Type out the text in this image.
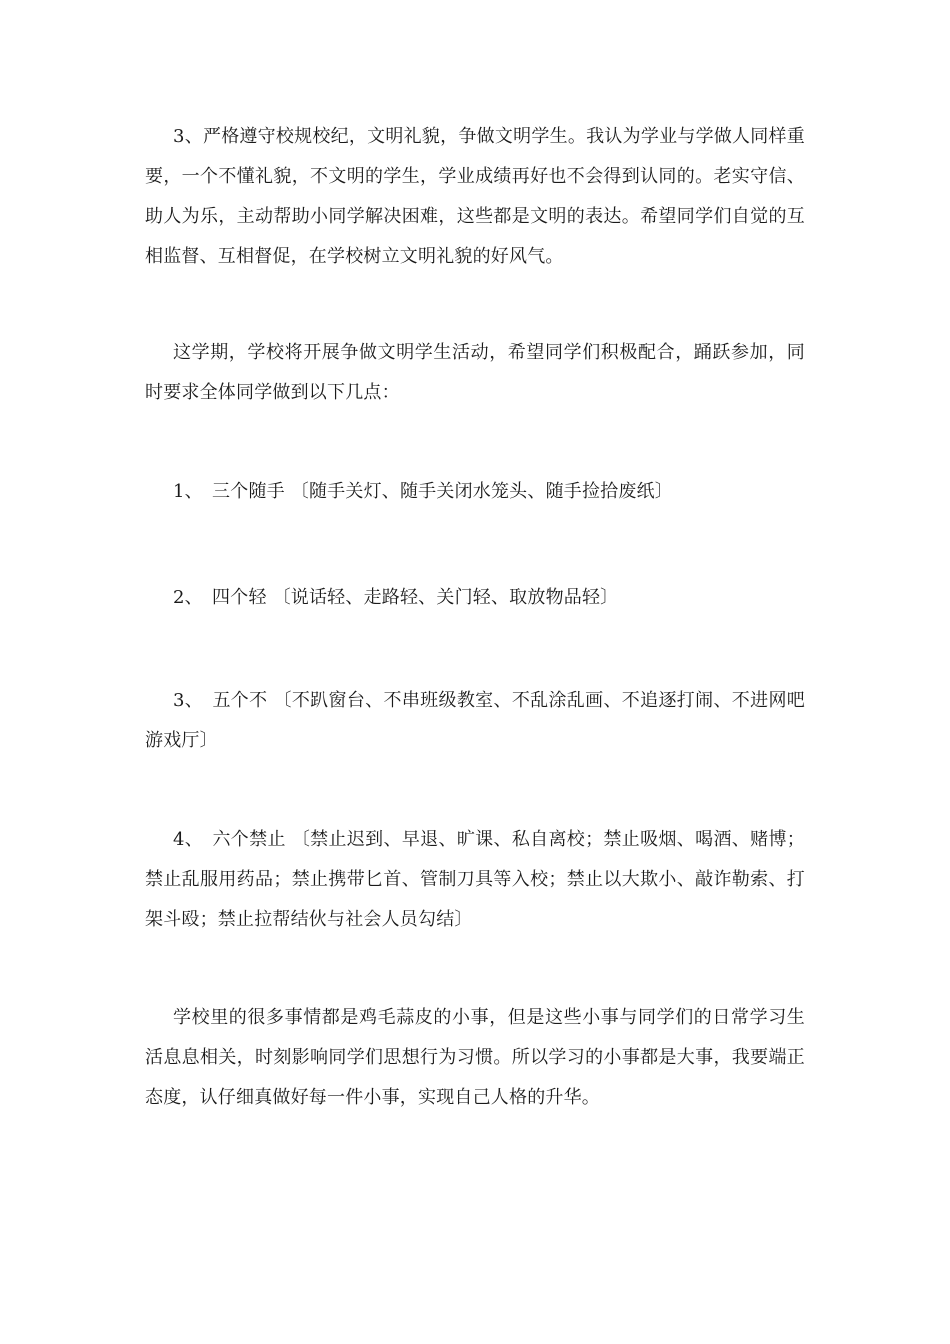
3、严格遵守校规校纪，文明礼貌，争做文明学生。我认为学业与学做人同样重要，一个不懂礼貌，不文明的学生，学业成绩再好也不会得到认同的。老实守信、助人为乐，主动帮助小同学解决困难，这些都是文明的表达。希望同学们自觉的互相监督、互相督促，在学校树立文明礼貌的好风气。

这学期，学校将开展争做文明学生活动，希望同学们积极配合，踊跃参加，同时要求全体同学做到以下几点：

1、　三个随手 〔随手关灯、随手关闭水笼头、随手捡拾废纸〕

2、　四个轻 〔说话轻、走路轻、关门轻、取放物品轻〕

3、　五个不 〔不趴窗台、不串班级教室、不乱涂乱画、不追逐打闹、不进网吧游戏厅〕

4、　六个禁止 〔禁止迟到、早退、旷课、私自离校；禁止吸烟、喝酒、赌博；禁止乱服用药品；禁止携带匕首、管制刀具等入校；禁止以大欺小、敲诈勒索、打架斗殴；禁止拉帮结伙与社会人员勾结〕

学校里的很多事情都是鸡毛蒜皮的小事，但是这些小事与同学们的日常学习生活息息相关，时刻影响同学们思想行为习惯。所以学习的小事都是大事，我要端正态度，认仔细真做好每一件小事，实现自己人格的升华。
